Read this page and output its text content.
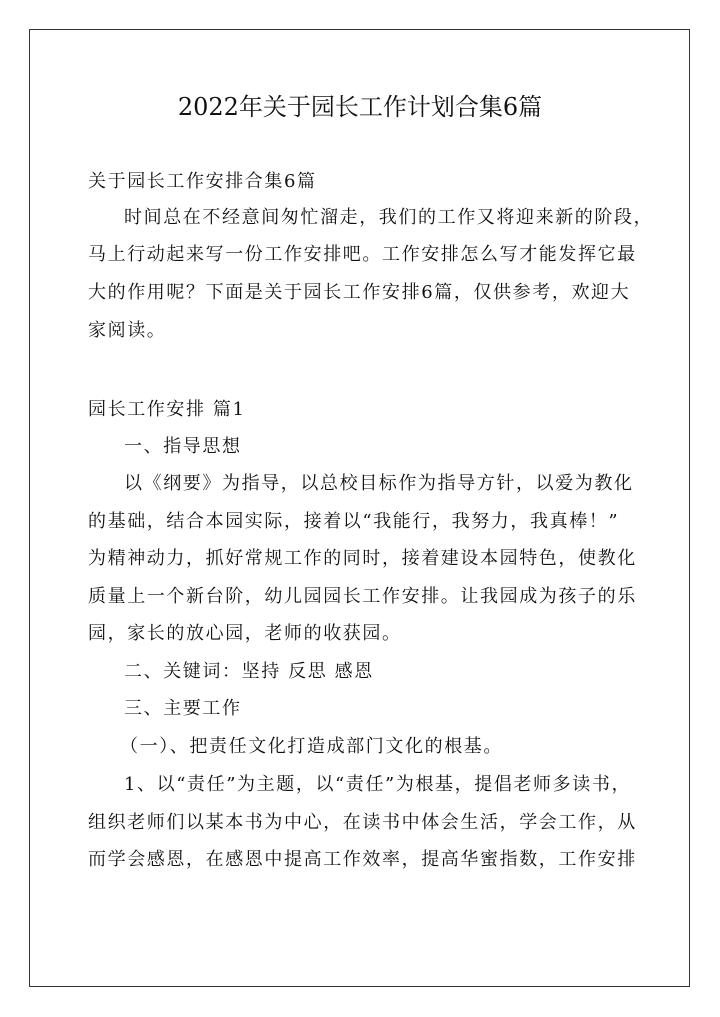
2022年关于园长工作计划合集6篇
关于园长工作安排合集6篇
时间总在不经意间匆忙溜走，我们的工作又将迎来新的阶段，
马上行动起来写一份工作安排吧。工作安排怎么写才能发挥它最
大的作用呢？下面是关于园长工作安排6篇，仅供参考，欢迎大
家阅读。
园长工作安排 篇1
一、指导思想
以《纲要》为指导，以总校目标作为指导方针，以爱为教化
的基础，结合本园实际，接着以“我能行，我努力，我真棒！”
为精神动力，抓好常规工作的同时，接着建设本园特色，使教化
质量上一个新台阶，幼儿园园长工作安排。让我园成为孩子的乐
园，家长的放心园，老师的收获园。
二、关键词：坚持 反思 感恩
三、主要工作
（一）、把责任文化打造成部门文化的根基。
1、以“责任”为主题，以“责任”为根基，提倡老师多读书，
组织老师们以某本书为中心，在读书中体会生活，学会工作，从
而学会感恩，在感恩中提高工作效率，提高华蜜指数，工作安排
